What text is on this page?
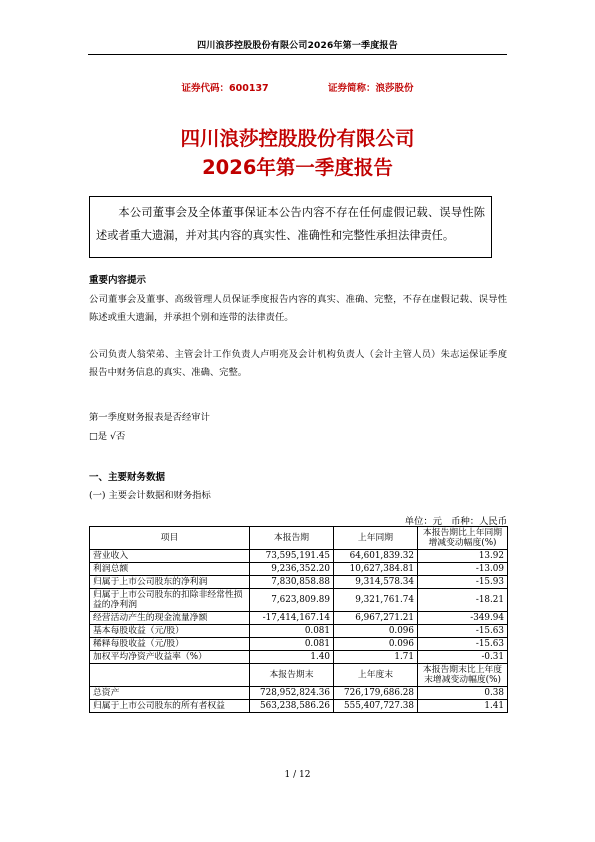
四川浪莎控股股份有限公司2026年第一季度报告
证券代码：600137	证券简称：浪莎股份
四川浪莎控股股份有限公司
2026年第一季度报告
本公司董事会及全体董事保证本公告内容不存在任何虚假记载、误导性陈述或者重大遗漏，并对其内容的真实性、准确性和完整性承担法律责任。
重要内容提示
公司董事会及董事、高级管理人员保证季度报告内容的真实、准确、完整，不存在虚假记载、误导性陈述或重大遗漏，并承担个别和连带的法律责任。
公司负责人翁荣弟、主管会计工作负责人卢明亮及会计机构负责人（会计主管人员）朱志运保证季度报告中财务信息的真实、准确、完整。
第一季度财务报表是否经审计
□是 √否
一、主要财务数据
(一) 主要会计数据和财务指标
单位：元　币种：人民币
项目	本报告期	上年同期	本报告期比上年同期增减变动幅度(%)
营业收入	73,595,191.45	64,601,839.32	13.92
利润总额	9,236,352.20	10,627,384.81	-13.09
归属于上市公司股东的净利润	7,830,858.88	9,314,578.34	-15.93
归属于上市公司股东的扣除非经常性损益的净利润	7,623,809.89	9,321,761.74	-18.21
经营活动产生的现金流量净额	-17,414,167.14	6,967,271.21	-349.94
基本每股收益（元/股）	0.081	0.096	-15.63
稀释每股收益（元/股）	0.081	0.096	-15.63
加权平均净资产收益率（%）	1.40	1.71	-0.31
	本报告期末	上年度末	本报告期末比上年度末增减变动幅度(%)
总资产	728,952,824.36	726,179,686.28	0.38
归属于上市公司股东的所有者权益	563,238,586.26	555,407,727.38	1.41
1 / 12
